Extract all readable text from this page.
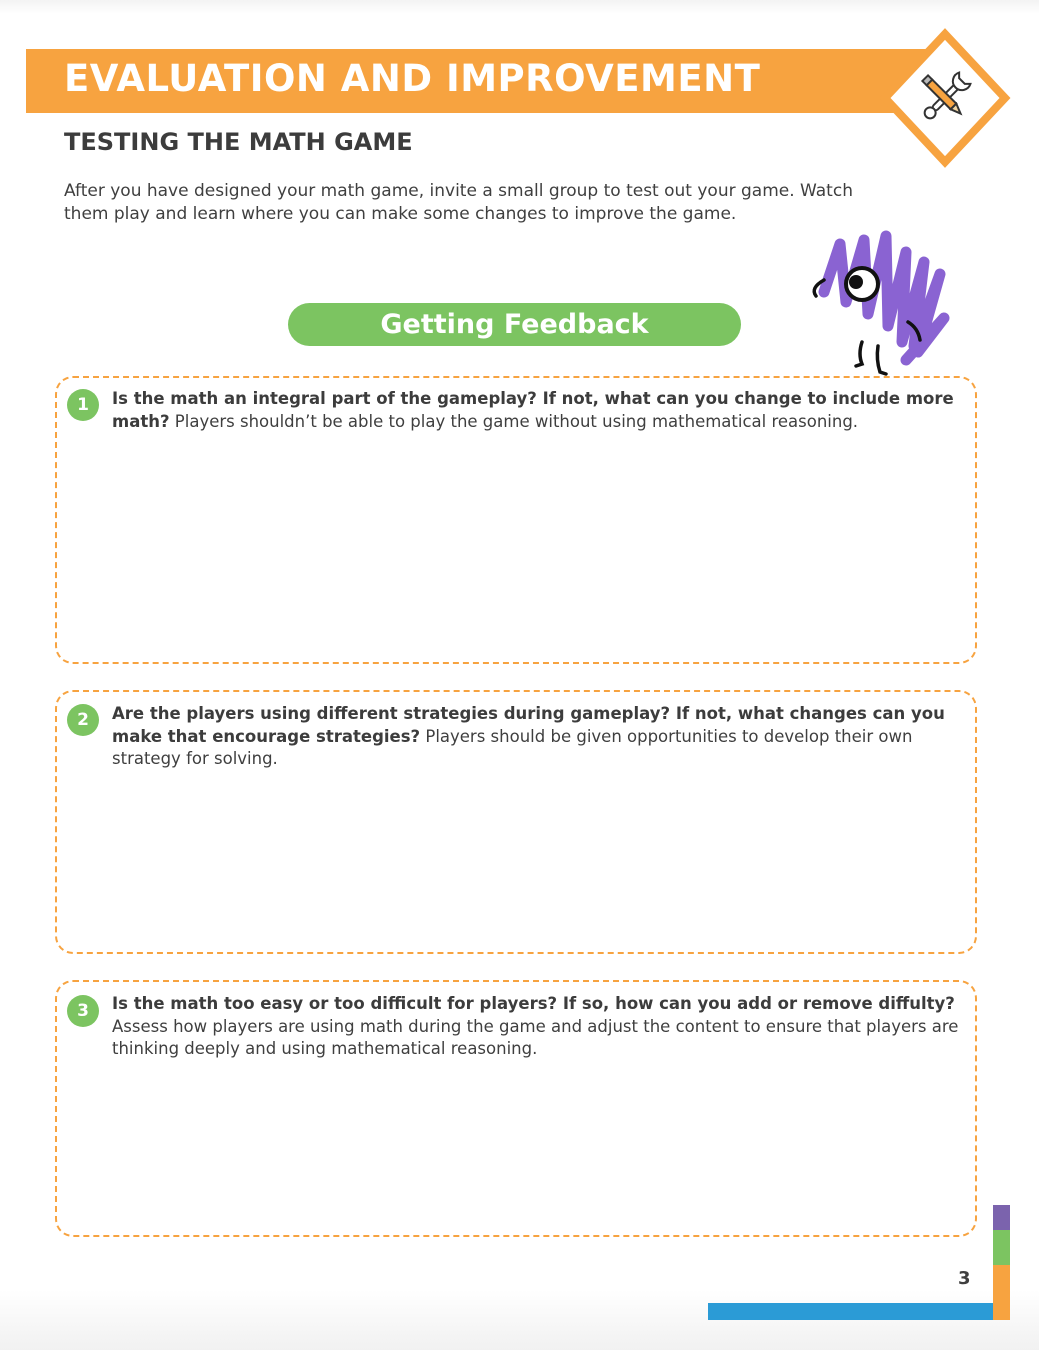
EVALUATION AND IMPROVEMENT
TESTING THE MATH GAME
After you have designed your math game, invite a small group to test out your game. Watch them play and learn where you can make some changes to improve the game.
Getting Feedback
1	Is the math an integral part of the gameplay? If not, what can you change to include more math? Players shouldn’t be able to play the game without using mathematical reasoning.
2	Are the players using different strategies during gameplay? If not, what changes can you make that encourage strategies? Players should be given opportunities to develop their own strategy for solving.
3	Is the math too easy or too difficult for players? If so, how can you add or remove diffulty? Assess how players are using math during the game and adjust the content to ensure that players are thinking deeply and using mathematical reasoning.
3
